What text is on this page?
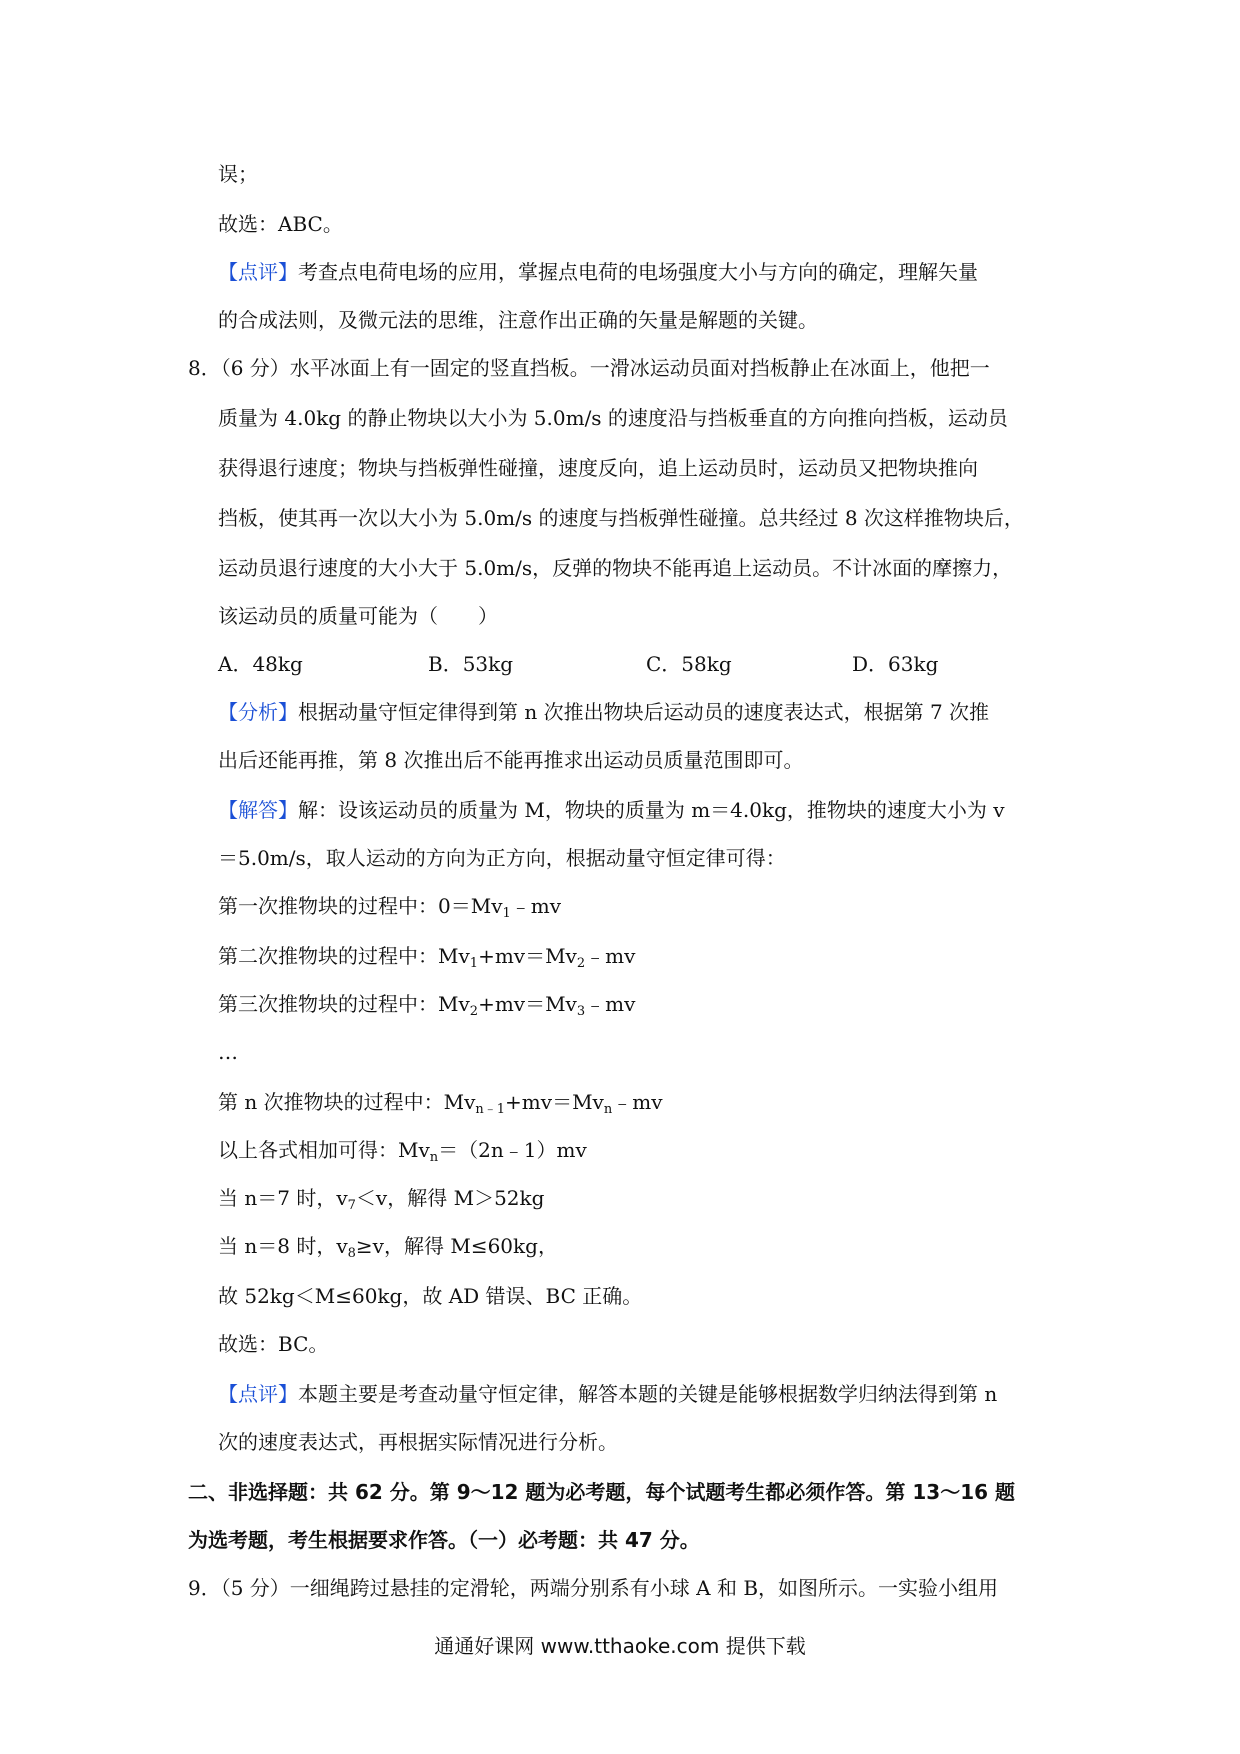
误；
故选：ABC。
【点评】考查点电荷电场的应用，掌握点电荷的电场强度大小与方向的确定，理解矢量
的合成法则，及微元法的思维，注意作出正确的矢量是解题的关键。
8．（6 分）水平冰面上有一固定的竖直挡板。一滑冰运动员面对挡板静止在冰面上，他把一
质量为 4.0kg 的静止物块以大小为 5.0m/s 的速度沿与挡板垂直的方向推向挡板，运动员
获得退行速度；物块与挡板弹性碰撞，速度反向，追上运动员时，运动员又把物块推向
挡板，使其再一次以大小为 5.0m/s 的速度与挡板弹性碰撞。总共经过 8 次这样推物块后，
运动员退行速度的大小大于 5.0m/s，反弹的物块不能再追上运动员。不计冰面的摩擦力，
该运动员的质量可能为（　　）
A．48kg	B．53kg	C．58kg	D．63kg
【分析】根据动量守恒定律得到第 n 次推出物块后运动员的速度表达式，根据第 7 次推
出后还能再推，第 8 次推出后不能再推求出运动员质量范围即可。
【解答】解：设该运动员的质量为 M，物块的质量为 m＝4.0kg，推物块的速度大小为 v
＝5.0m/s，取人运动的方向为正方向，根据动量守恒定律可得：
第一次推物块的过程中：$0=Mv_1﹣mv$
第二次推物块的过程中：$Mv_1+mv=Mv_2﹣mv$
第三次推物块的过程中：$Mv_2+mv=Mv_3﹣mv$
…
第 n 次推物块的过程中：$Mv_{n﹣1}+mv=Mv_n﹣mv$
以上各式相加可得：$Mv_n=(2n﹣1)mv$
当 n＝7 时，$v_7<v$，解得 M＞52kg
当 n＝8 时，$v_8\ge v$，解得 M≤60kg，
故 52kg＜M≤60kg，故 AD 错误、BC 正确。
故选：BC。
【点评】本题主要是考查动量守恒定律，解答本题的关键是能够根据数学归纳法得到第 n
次的速度表达式，再根据实际情况进行分析。
二、非选择题：共 62 分。第 9～12 题为必考题，每个试题考生都必须作答。第 13～16 题
为选考题，考生根据要求作答。（一）必考题：共 47 分。
9．（5 分）一细绳跨过悬挂的定滑轮，两端分别系有小球 A 和 B，如图所示。一实验小组用
通通好课网 www.tthaoke.com 提供下载
